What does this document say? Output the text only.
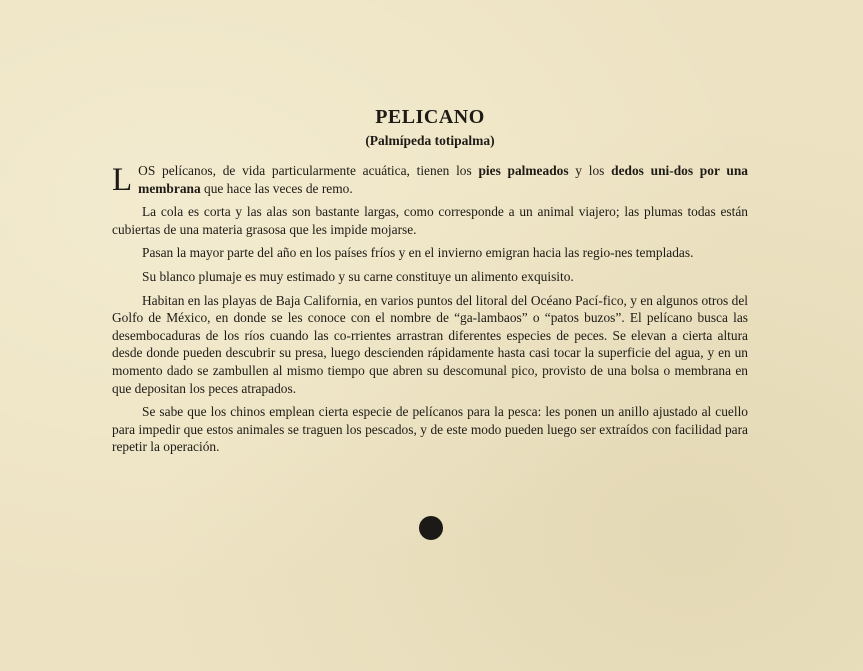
PELICANO
(Palmípeda totipalma)

LOS pelícanos, de vida particularmente acuática, tienen los pies palmeados y los dedos uni-dos por una membrana que hace las veces de remo.

La cola es corta y las alas son bastante largas, como corresponde a un animal viajero; las plumas todas están cubiertas de una materia grasosa que les impide mojarse.

Pasan la mayor parte del año en los países fríos y en el invierno emigran hacia las regio-nes templadas.

Su blanco plumaje es muy estimado y su carne constituye un alimento exquisito.

Habitan en las playas de Baja California, en varios puntos del litoral del Océano Pací-fico, y en algunos otros del Golfo de México, en donde se les conoce con el nombre de “ga-lambaos” o “patos buzos”. El pelícano busca las desembocaduras de los ríos cuando las co-rrientes arrastran diferentes especies de peces. Se elevan a cierta altura desde donde pueden descubrir su presa, luego descienden rápidamente hasta casi tocar la superficie del agua, y en un momento dado se zambullen al mismo tiempo que abren su descomunal pico, provisto de una bolsa o membrana en que depositan los peces atrapados.

Se sabe que los chinos emplean cierta especie de pelícanos para la pesca: les ponen un anillo ajustado al cuello para impedir que estos animales se traguen los pescados, y de este modo pueden luego ser extraídos con facilidad para repetir la operación.
